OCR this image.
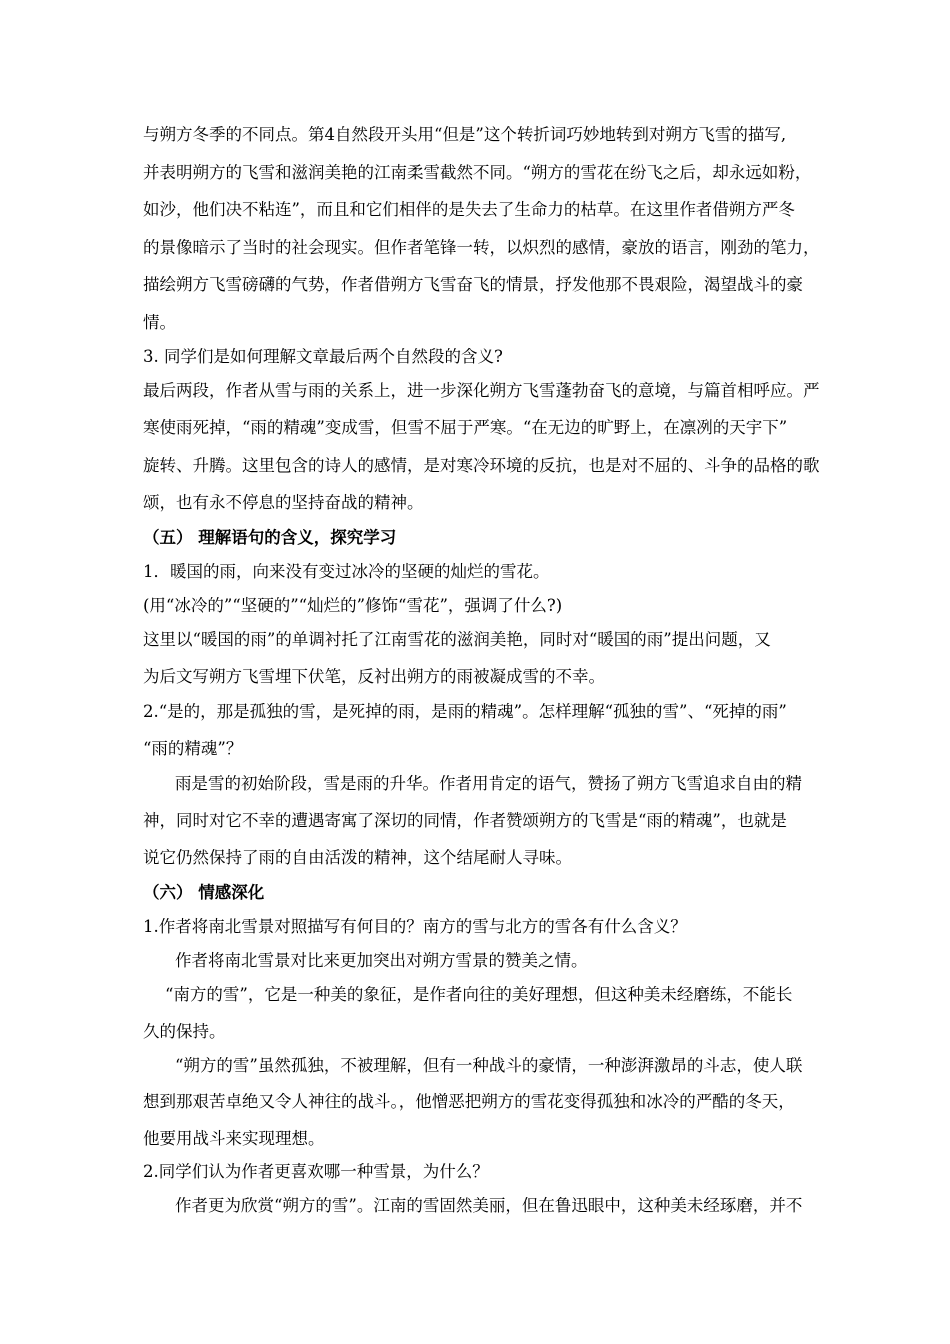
与朔方冬季的不同点。第4自然段开头用“但是”这个转折词巧妙地转到对朔方飞雪的描写,
并表明朔方的飞雪和滋润美艳的江南柔雪截然不同。“朔方的雪花在纷飞之后，却永远如粉，
如沙，他们决不粘连”，而且和它们相伴的是失去了生命力的枯草。在这里作者借朔方严冬
的景像暗示了当时的社会现实。但作者笔锋一转，以炽烈的感情，豪放的语言，刚劲的笔力，
描绘朔方飞雪磅礴的气势，作者借朔方飞雪奋飞的情景，抒发他那不畏艰险，渴望战斗的豪
情。
3. 同学们是如何理解文章最后两个自然段的含义?
最后两段，作者从雪与雨的关系上，进一步深化朔方飞雪蓬勃奋飞的意境，与篇首相呼应。严
寒使雨死掉，“雨的精魂”变成雪，但雪不屈于严寒。“在无边的旷野上，在凛冽的天宇下”
旋转、升腾。这里包含的诗人的感情，是对寒冷环境的反抗，也是对不屈的、斗争的品格的歌
颂，也有永不停息的坚持奋战的精神。
（五） 理解语句的含义，探究学习
1．暖国的雨，向来没有变过冰冷的坚硬的灿烂的雪花。
(用“冰冷的”“坚硬的”“灿烂的”修饰“雪花”，强调了什么?)
这里以“暖国的雨”的单调衬托了江南雪花的滋润美艳，同时对“暖国的雨”提出问题，又
为后文写朔方飞雪埋下伏笔，反衬出朔方的雨被凝成雪的不幸。
2.“是的，那是孤独的雪，是死掉的雨，是雨的精魂”。怎样理解“孤独的雪”、“死掉的雨”
“雨的精魂”？
雨是雪的初始阶段，雪是雨的升华。作者用肯定的语气，赞扬了朔方飞雪追求自由的精
神，同时对它不幸的遭遇寄寓了深切的同情，作者赞颂朔方的飞雪是“雨的精魂”，也就是
说它仍然保持了雨的自由活泼的精神，这个结尾耐人寻味。
（六） 情感深化
1.作者将南北雪景对照描写有何目的？南方的雪与北方的雪各有什么含义？
作者将南北雪景对比来更加突出对朔方雪景的赞美之情。
“南方的雪”，它是一种美的象征，是作者向往的美好理想，但这种美未经磨练，不能长
久的保持。
“朔方的雪”虽然孤独，不被理解，但有一种战斗的豪情，一种澎湃激昂的斗志，使人联
想到那艰苦卓绝又令人神往的战斗。，他憎恶把朔方的雪花变得孤独和冰冷的严酷的冬天，
他要用战斗来实现理想。
2.同学们认为作者更喜欢哪一种雪景，为什么？
作者更为欣赏“朔方的雪”。江南的雪固然美丽，但在鲁迅眼中，这种美未经琢磨，并不
